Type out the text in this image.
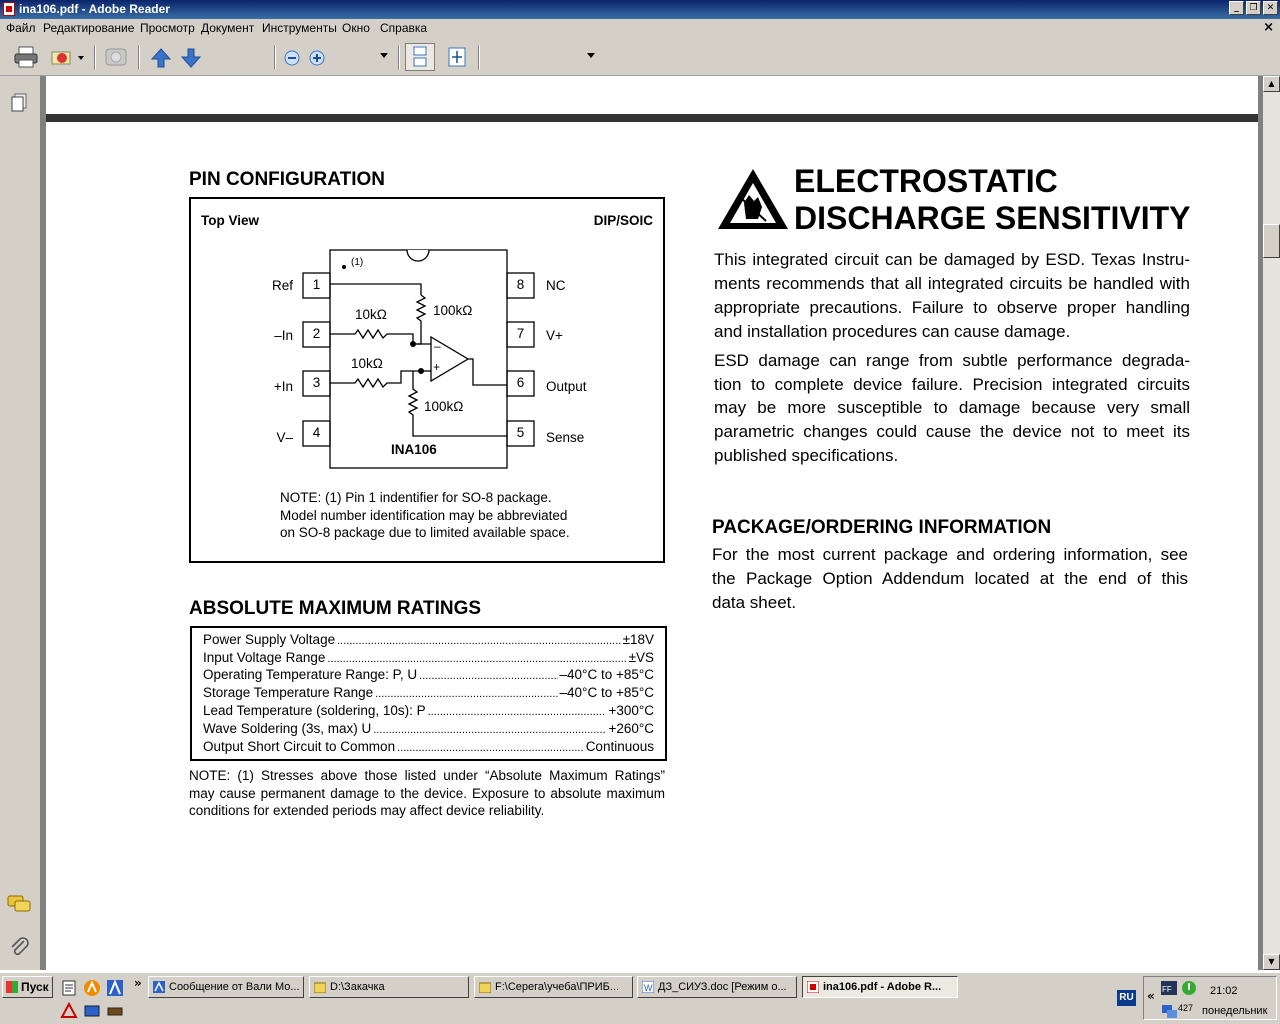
ina106.pdf - Adobe Reader	_	❐	✕
Файл Редактирование Просмотр Документ Инструменты Окно Справка	×
PIN CONFIGURATION
Top View	DIP/SOIC
(1)
1
2
3
4
Ref
–In
+In
V–
8
7
6
5
NC
V+
Output
Sense
100kΩ
10kΩ
10kΩ
100kΩ
–
+
INA106
NOTE: (1) Pin 1 indentifier for SO-8 package.
Model number identification may be abbreviated
on SO-8 package due to limited available space.
ABSOLUTE MAXIMUM RATINGS
Power Supply Voltage .....	±18V
Input Voltage Range .....	±VS
Operating Temperature Range: P, U .....	–40°C to +85°C
Storage Temperature Range .....	–40°C to +85°C
Lead Temperature (soldering, 10s): P .....	+300°C
Wave Soldering (3s, max) U .....	+260°C
Output Short Circuit to Common .....	Continuous
NOTE: (1) Stresses above those listed under “Absolute Maximum Ratings”
may cause permanent damage to the device. Exposure to absolute maximum
conditions for extended periods may affect device reliability.
ELECTROSTATIC
DISCHARGE SENSITIVITY
This integrated circuit can be damaged by ESD. Texas Instru-
ments recommends that all integrated circuits be handled with
appropriate precautions. Failure to observe proper handling
and installation procedures can cause damage.
ESD damage can range from subtle performance degrada-
tion to complete device failure. Precision integrated circuits
may be more susceptible to damage because very small
parametric changes could cause the device not to meet its
published specifications.
PACKAGE/ORDERING INFORMATION
For the most current package and ordering information, see
the Package Option Addendum located at the end of this
data sheet.
▲
▼
Пуск	»	Сообщение от Вали Мо...	D:\Закачка	F:\Серега\учеба\ПРИБ...	W ДЗ_СИУЗ.doc [Режим о...	ina106.pdf - Adobe R...
RU « FF
427
21:02
понедельник
